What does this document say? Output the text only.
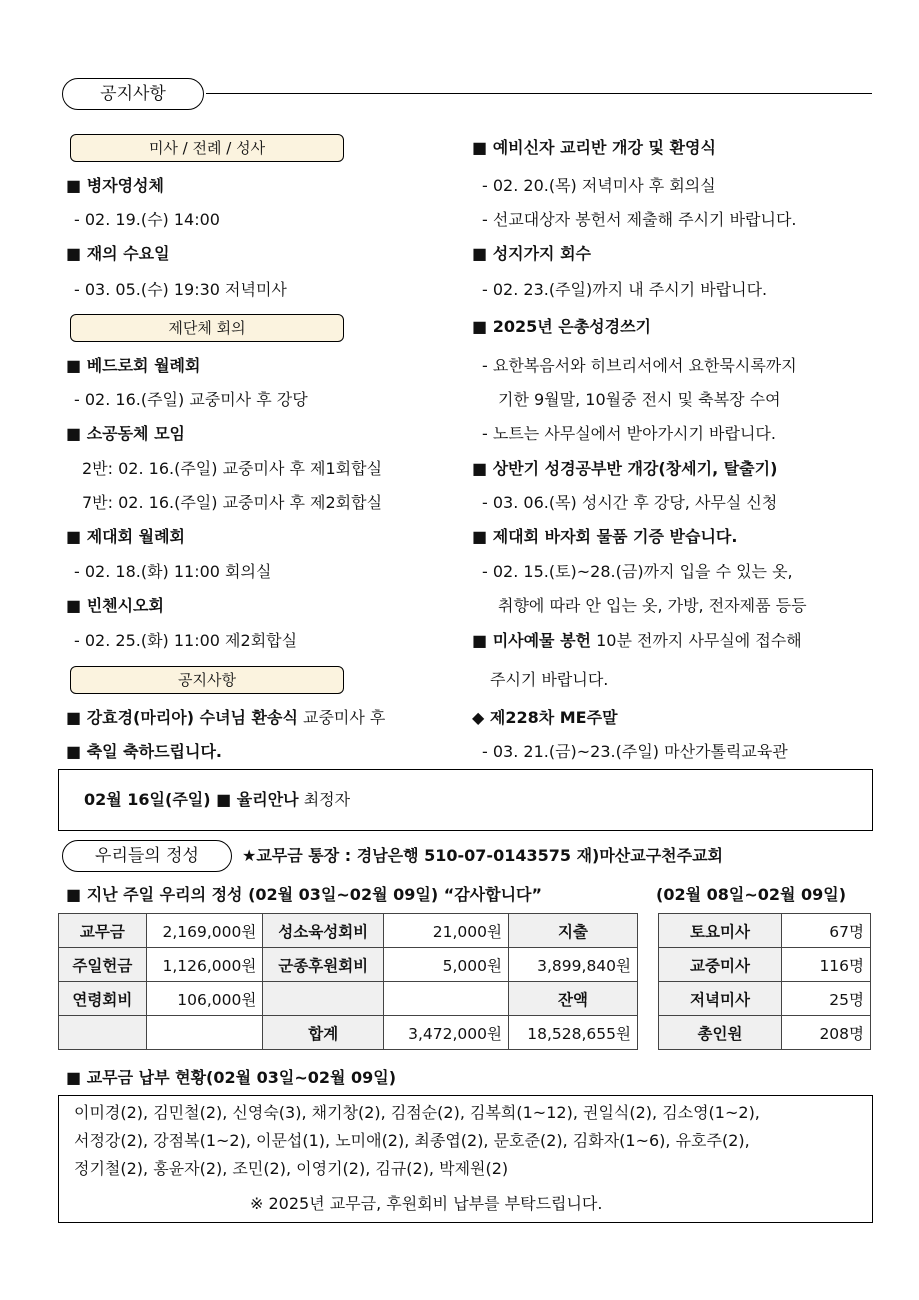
공지사항
미사 / 전례 / 성사
■ 병자영성체
- 02. 19.(수) 14:00
■ 재의 수요일
- 03. 05.(수) 19:30 저녁미사
제단체 회의
■ 베드로회 월례회
- 02. 16.(주일) 교중미사 후 강당
■ 소공동체 모임
2반: 02. 16.(주일) 교중미사 후 제1회합실
7반: 02. 16.(주일) 교중미사 후 제2회합실
■ 제대회 월례회
- 02. 18.(화) 11:00 회의실
■ 빈첸시오회
- 02. 25.(화) 11:00 제2회합실
공지사항
■ 강효경(마리아) 수녀님 환송식 교중미사 후
■ 축일 축하드립니다.
■ 예비신자 교리반 개강 및 환영식
- 02. 20.(목) 저녁미사 후 회의실
- 선교대상자 봉헌서 제출해 주시기 바랍니다.
■ 성지가지 회수
- 02. 23.(주일)까지 내 주시기 바랍니다.
■ 2025년 은총성경쓰기
- 요한복음서와 히브리서에서 요한묵시록까지
기한 9월말, 10월중 전시 및 축복장 수여
- 노트는 사무실에서 받아가시기 바랍니다.
■ 상반기 성경공부반 개강(창세기, 탈출기)
- 03. 06.(목) 성시간 후 강당, 사무실 신청
■ 제대회 바자회 물품 기증 받습니다.
- 02. 15.(토)~28.(금)까지 입을 수 있는 옷,
취향에 따라 안 입는 옷, 가방, 전자제품 등등
■ 미사예물 봉헌 10분 전까지 사무실에 접수해
주시기 바랍니다.
◆ 제228차 ME주말
- 03. 21.(금)~23.(주일) 마산가톨릭교육관
02월 16일(주일) ■ 율리안나 최정자
우리들의 정성	★교무금 통장 : 경남은행 510-07-0143575 재)마산교구천주교회
■ 지난 주일 우리의 정성 (02월 03일~02월 09일) “감사합니다”	(02월 08일~02월 09일)
교무금	2,169,000원	성소육성회비	21,000원	지출
주일헌금	1,126,000원	군종후원회비	5,000원	3,899,840원
연령회비	106,000원			잔액
		합계	3,472,000원	18,528,655원
토요미사	67명
교중미사	116명
저녁미사	25명
총인원	208명
■ 교무금 납부 현황(02월 03일~02월 09일)
이미경(2), 김민철(2), 신영숙(3), 채기창(2), 김점순(2), 김복희(1~12), 권일식(2), 김소영(1~2),
서정강(2), 강점복(1~2), 이문섭(1), 노미애(2), 최종엽(2), 문호준(2), 김화자(1~6), 유호주(2),
정기철(2), 홍윤자(2), 조민(2), 이영기(2), 김규(2), 박제원(2)
※ 2025년 교무금, 후원회비 납부를 부탁드립니다.
